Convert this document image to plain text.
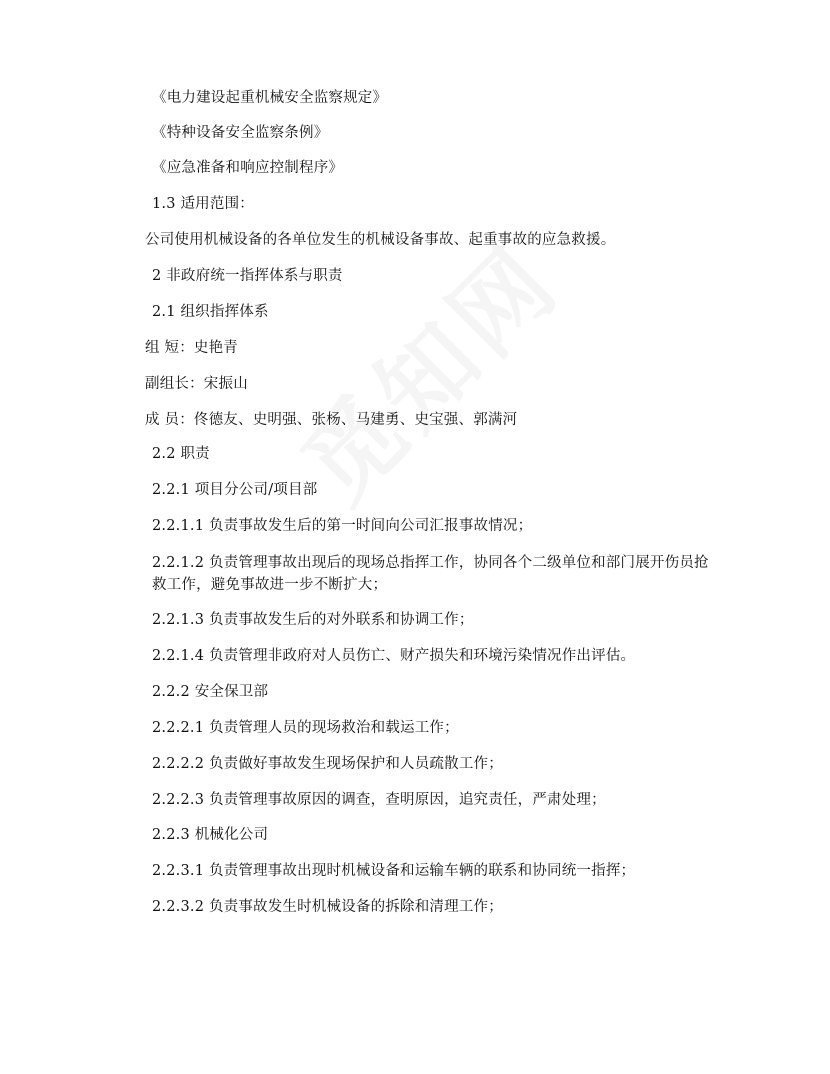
《电力建设起重机械安全监察规定》
《特种设备安全监察条例》
《应急准备和响应控制程序》
1.3 适用范围：
公司使用机械设备的各单位发生的机械设备事故、起重事故的应急救援。
2 非政府统一指挥体系与职责
2.1 组织指挥体系
组 短：史艳青
副组长：宋振山
成 员：佟德友、史明强、张杨、马建勇、史宝强、郭满河
2.2 职责
2.2.1 项目分公司/项目部
2.2.1.1 负责事故发生后的第一时间向公司汇报事故情况；
2.2.1.2 负责管理事故出现后的现场总指挥工作，协同各个二级单位和部门展开伤员抢救工作，避免事故进一步不断扩大；
2.2.1.3 负责事故发生后的对外联系和协调工作；
2.2.1.4 负责管理非政府对人员伤亡、财产损失和环境污染情况作出评估。
2.2.2 安全保卫部
2.2.2.1 负责管理人员的现场救治和载运工作；
2.2.2.2 负责做好事故发生现场保护和人员疏散工作；
2.2.2.3 负责管理事故原因的调查，查明原因，追究责任，严肃处理；
2.2.3 机械化公司
2.2.3.1 负责管理事故出现时机械设备和运输车辆的联系和协同统一指挥；
2.2.3.2 负责事故发生时机械设备的拆除和清理工作；
